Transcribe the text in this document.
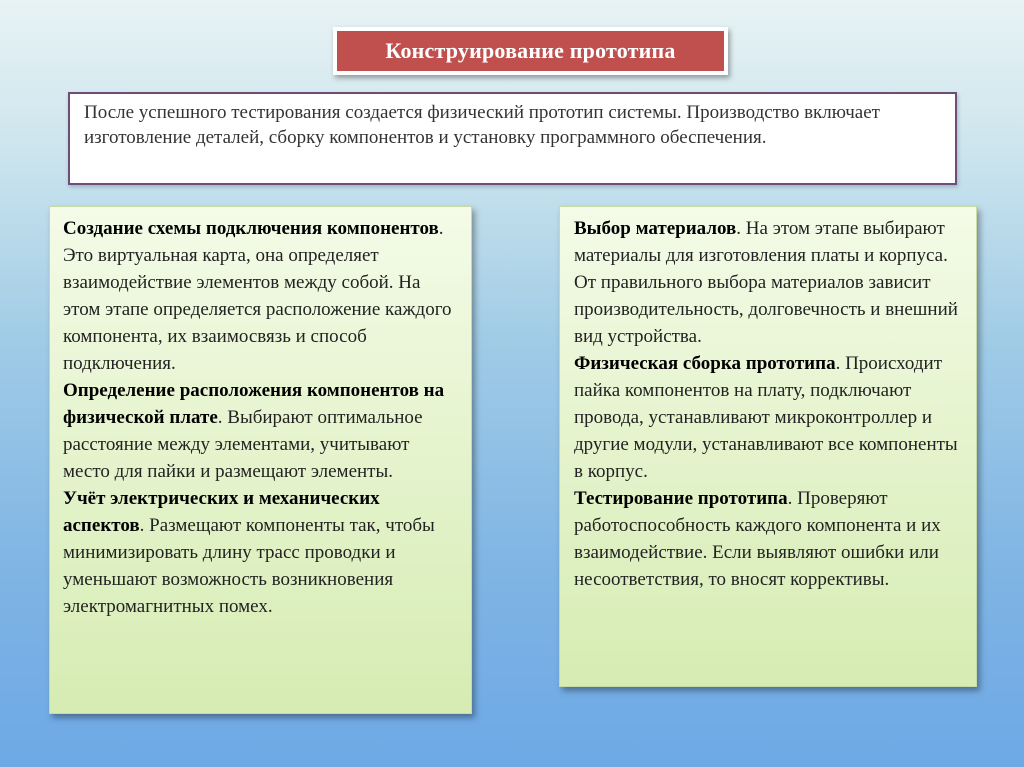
Конструирование прототипа
После успешного тестирования создается физический прототип системы. Производство включает изготовление деталей, сборку компонентов и установку программного обеспечения.

Создание схемы подключения компонентов. Это виртуальная карта, она определяет взаимодействие элементов между собой. На этом этапе определяется расположение каждого компонента, их взаимосвязь и способ подключения.

Определение расположения компонентов на физической плате. Выбирают оптимальное расстояние между элементами, учитывают место для пайки и размещают элементы.

Учёт электрических и механических аспектов. Размещают компоненты так, чтобы минимизировать длину трасс проводки и уменьшают возможность возникновения электромагнитных помех.

Выбор материалов. На этом этапе выбирают материалы для изготовления платы и корпуса. От правильного выбора материалов зависит производительность, долговечность и внешний вид устройства.

Физическая сборка прототипа. Происходит пайка компонентов на плату, подключают провода, устанавливают микроконтроллер и другие модули, устанавливают все компоненты в корпус.

Тестирование прототипа. Проверяют работоспособность каждого компонента и их взаимодействие. Если выявляют ошибки или несоответствия, то вносят коррективы.
